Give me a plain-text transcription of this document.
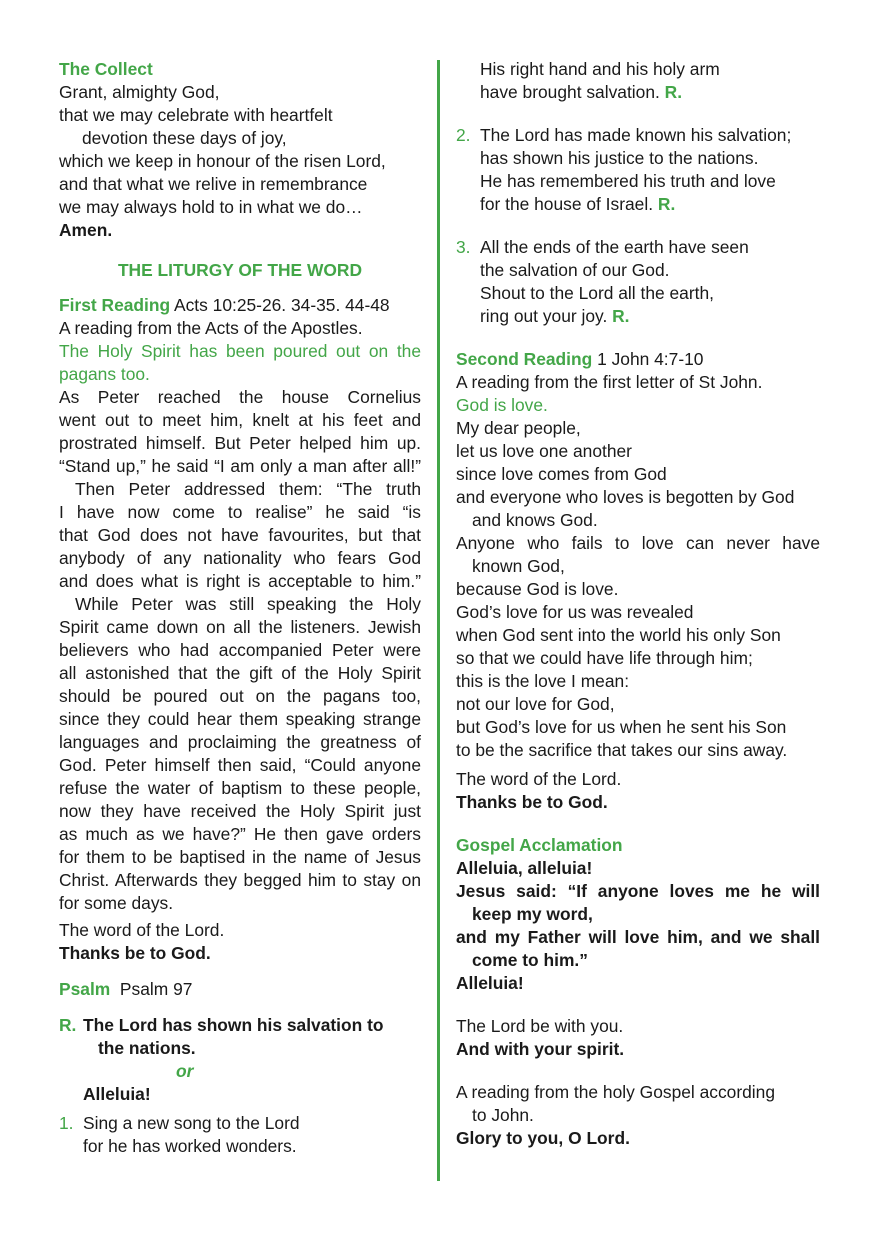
The Collect
Grant, almighty God,
that we may celebrate with heartfelt
devotion these days of joy,
which we keep in honour of the risen Lord,
and that what we relive in remembrance
we may always hold to in what we do…
Amen.
THE LITURGY OF THE WORD
First Reading Acts 10:25-26. 34-35. 44-48
A reading from the Acts of the Apostles.
The Holy Spirit has been poured out on the
pagans too.
As Peter reached the house Cornelius
went out to meet him, knelt at his feet and
prostrated himself. But Peter helped him up.
“Stand up,” he said “I am only a man after all!”
Then Peter addressed them: “The truth
I have now come to realise” he said “is
that God does not have favourites, but that
anybody of any nationality who fears God
and does what is right is acceptable to him.”
While Peter was still speaking the Holy
Spirit came down on all the listeners. Jewish
believers who had accompanied Peter were
all astonished that the gift of the Holy Spirit
should be poured out on the pagans too,
since they could hear them speaking strange
languages and proclaiming the greatness of
God. Peter himself then said, “Could anyone
refuse the water of baptism to these people,
now they have received the Holy Spirit just
as much as we have?” He then gave orders
for them to be baptised in the name of Jesus
Christ. Afterwards they begged him to stay on
for some days.
The word of the Lord.
Thanks be to God.
Psalm Psalm 97
R. The Lord has shown his salvation to
the nations.
or
Alleluia!
1. Sing a new song to the Lord
for he has worked wonders.
His right hand and his holy arm
have brought salvation. R.
2. The Lord has made known his salvation;
has shown his justice to the nations.
He has remembered his truth and love
for the house of Israel. R.
3. All the ends of the earth have seen
the salvation of our God.
Shout to the Lord all the earth,
ring out your joy. R.
Second Reading 1 John 4:7-10
A reading from the first letter of St John.
God is love.
My dear people,
let us love one another
since love comes from God
and everyone who loves is begotten by God
and knows God.
Anyone who fails to love can never have
known God,
because God is love.
God’s love for us was revealed
when God sent into the world his only Son
so that we could have life through him;
this is the love I mean:
not our love for God,
but God’s love for us when he sent his Son
to be the sacrifice that takes our sins away.
The word of the Lord.
Thanks be to God.
Gospel Acclamation
Alleluia, alleluia!
Jesus said: “If anyone loves me he will
keep my word,
and my Father will love him, and we shall
come to him.”
Alleluia!
The Lord be with you.
And with your spirit.
A reading from the holy Gospel according
to John.
Glory to you, O Lord.
